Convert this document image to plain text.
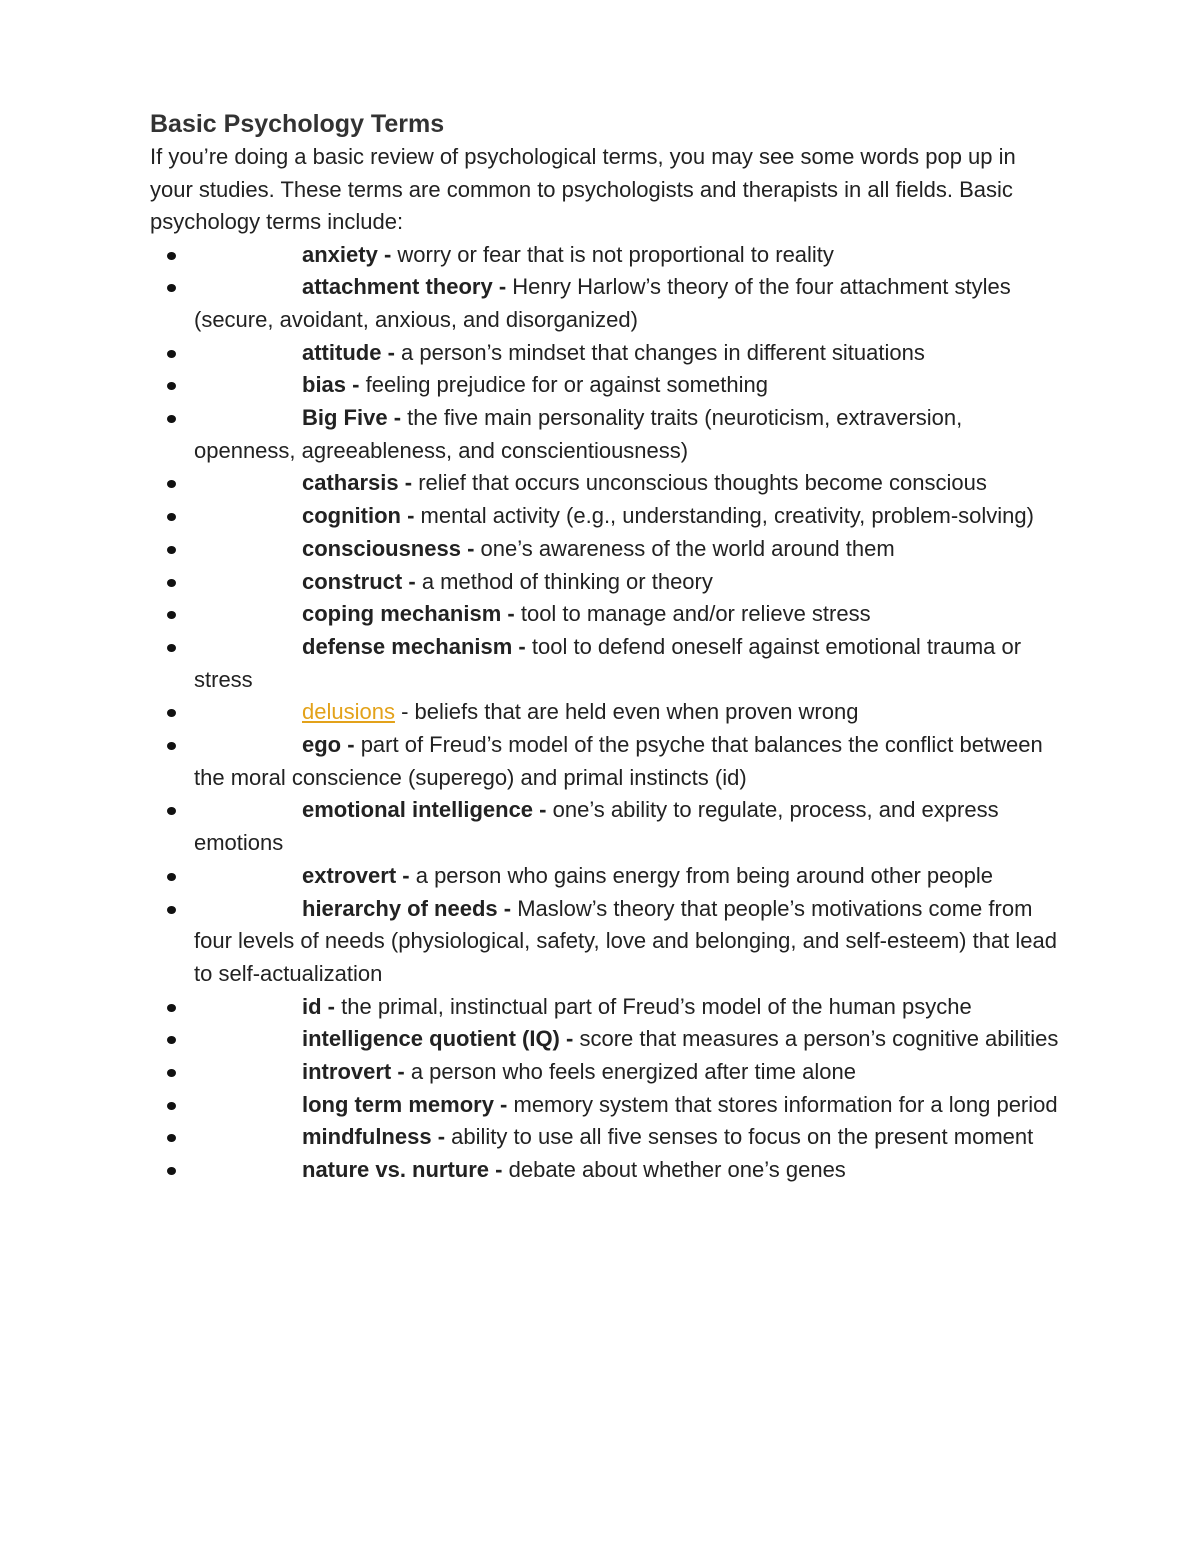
Basic Psychology Terms

If you’re doing a basic review of psychological terms, you may see some words pop up in your studies. These terms are common to psychologists and therapists in all fields. Basic psychology terms include:

anxiety - worry or fear that is not proportional to reality
attachment theory - Henry Harlow’s theory of the four attachment styles (secure, avoidant, anxious, and disorganized)
attitude - a person’s mindset that changes in different situations
bias - feeling prejudice for or against something
Big Five - the five main personality traits (neuroticism, extraversion, openness, agreeableness, and conscientiousness)
catharsis - relief that occurs unconscious thoughts become conscious
cognition - mental activity (e.g., understanding, creativity, problem-solving)
consciousness - one’s awareness of the world around them
construct - a method of thinking or theory
coping mechanism - tool to manage and/or relieve stress
defense mechanism - tool to defend oneself against emotional trauma or stress
delusions - beliefs that are held even when proven wrong
ego - part of Freud’s model of the psyche that balances the conflict between the moral conscience (superego) and primal instincts (id)
emotional intelligence - one’s ability to regulate, process, and express emotions
extrovert - a person who gains energy from being around other people
hierarchy of needs - Maslow’s theory that people’s motivations come from four levels of needs (physiological, safety, love and belonging, and self-esteem) that lead to self-actualization
id - the primal, instinctual part of Freud’s model of the human psyche
intelligence quotient (IQ) - score that measures a person’s cognitive abilities
introvert - a person who feels energized after time alone
long term memory - memory system that stores information for a long period
mindfulness - ability to use all five senses to focus on the present moment
nature vs. nurture - debate about whether one’s genes
